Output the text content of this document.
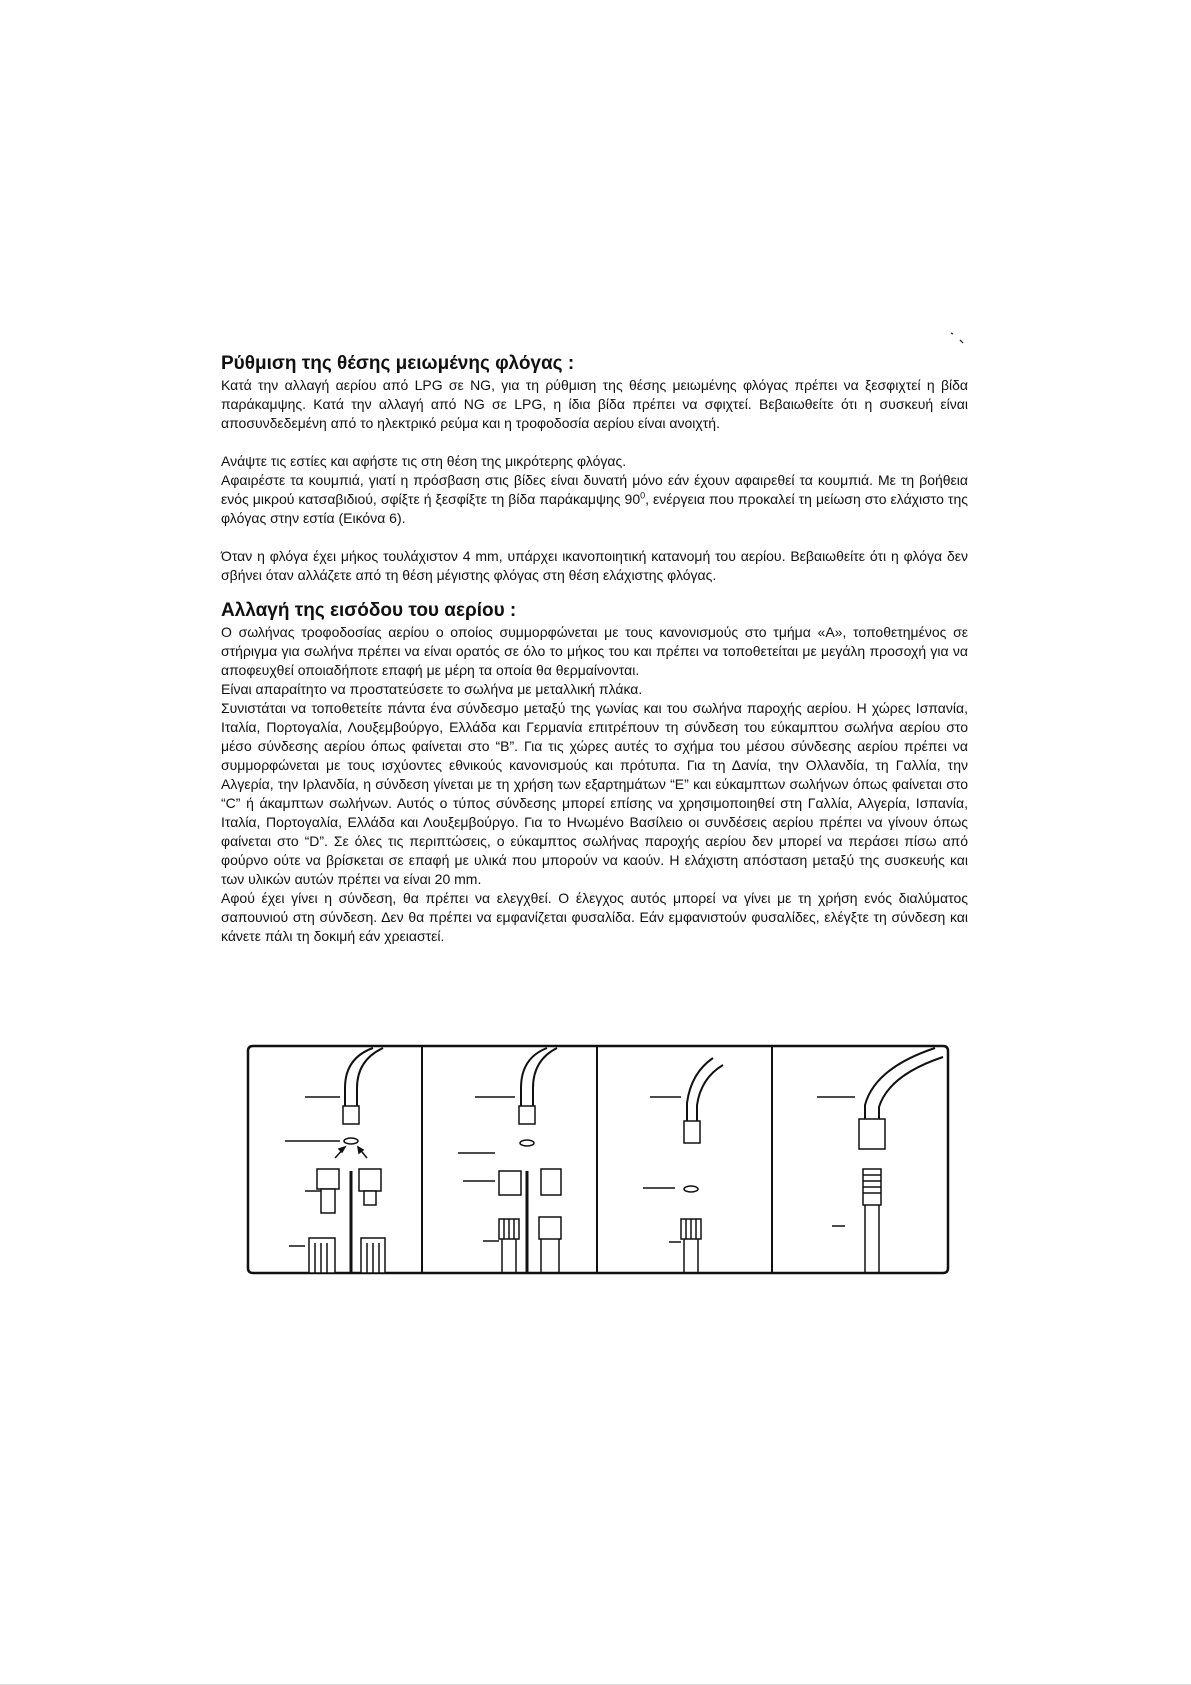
Ρύθμιση της θέσης μειωμένης φλόγας :

Κατά την αλλαγή αερίου από LPG σε NG, για τη ρύθμιση της θέσης μειωμένης φλόγας πρέπει να ξεσφιχτεί η βίδα παράκαμψης. Κατά την αλλαγή από NG σε LPG, η ίδια βίδα πρέπει να σφιχτεί. Βεβαιωθείτε ότι η συσκευή είναι αποσυνδεδεμένη από το ηλεκτρικό ρεύμα και η τροφοδοσία αερίου είναι ανοιχτή.

Ανάψτε τις εστίες και αφήστε τις στη θέση της μικρότερης φλόγας.

Αφαιρέστε τα κουμπιά, γιατί η πρόσβαση στις βίδες είναι δυνατή μόνο εάν έχουν αφαιρεθεί τα κουμπιά. Με τη βοήθεια ενός μικρού κατσαβιδιού, σφίξτε ή ξεσφίξτε τη βίδα παράκαμψης $90^0$, ενέργεια που προκαλεί τη μείωση στο ελάχιστο της φλόγας στην εστία (Εικόνα 6).

Όταν η φλόγα έχει μήκος τουλάχιστον 4 mm, υπάρχει ικανοποιητική κατανομή του αερίου. Βεβαιωθείτε ότι η φλόγα δεν σβήνει όταν αλλάζετε από τη θέση μέγιστης φλόγας στη θέση ελάχιστης φλόγας.

Αλλαγή της εισόδου του αερίου :

Ο σωλήνας τροφοδοσίας αερίου ο οποίος συμμορφώνεται με τους κανονισμούς στο τμήμα «Α», τοποθετημένος σε στήριγμα για σωλήνα πρέπει να είναι ορατός σε όλο το μήκος του και πρέπει να τοποθετείται με μεγάλη προσοχή για να αποφευχθεί οποιαδήποτε επαφή με μέρη τα οποία θα θερμαίνονται.

Είναι απαραίτητο να προστατεύσετε το σωλήνα με μεταλλική πλάκα.

Συνιστάται να τοποθετείτε πάντα ένα σύνδεσμο μεταξύ της γωνίας και του σωλήνα παροχής αερίου. Η χώρες Ισπανία, Ιταλία, Πορτογαλία, Λουξεμβούργο, Ελλάδα και Γερμανία επιτρέπουν τη σύνδεση του εύκαμπτου σωλήνα αερίου στο μέσο σύνδεσης αερίου όπως φαίνεται στο “B”. Για τις χώρες αυτές το σχήμα του μέσου σύνδεσης αερίου πρέπει να συμμορφώνεται με τους ισχύοντες εθνικούς κανονισμούς και πρότυπα. Για τη Δανία, την Ολλανδία, τη Γαλλία, την Αλγερία, την Ιρλανδία, η σύνδεση γίνεται με τη χρήση των εξαρτημάτων “E” και εύκαμπτων σωλήνων όπως φαίνεται στο “C” ή άκαμπτων σωλήνων. Αυτός ο τύπος σύνδεσης μπορεί επίσης να χρησιμοποιηθεί στη Γαλλία, Αλγερία, Ισπανία, Ιταλία, Πορτογαλία, Ελλάδα και Λουξεμβούργο. Για το Ηνωμένο Βασίλειο οι συνδέσεις αερίου πρέπει να γίνουν όπως φαίνεται στο “D”. Σε όλες τις περιπτώσεις, ο εύκαμπτος σωλήνας παροχής αερίου δεν μπορεί να περάσει πίσω από φούρνο ούτε να βρίσκεται σε επαφή με υλικά που μπορούν να καούν. Η ελάχιστη απόσταση μεταξύ της συσκευής και των υλικών αυτών πρέπει να είναι 20 mm.

Αφού έχει γίνει η σύνδεση, θα πρέπει να ελεγχθεί. Ο έλεγχος αυτός μπορεί να γίνει με τη χρήση ενός διαλύματος σαπουνιού στη σύνδεση. Δεν θα πρέπει να εμφανίζεται φυσαλίδα. Εάν εμφανιστούν φυσαλίδες, ελέγξτε τη σύνδεση και κάνετε πάλι τη δοκιμή εάν χρειαστεί.
